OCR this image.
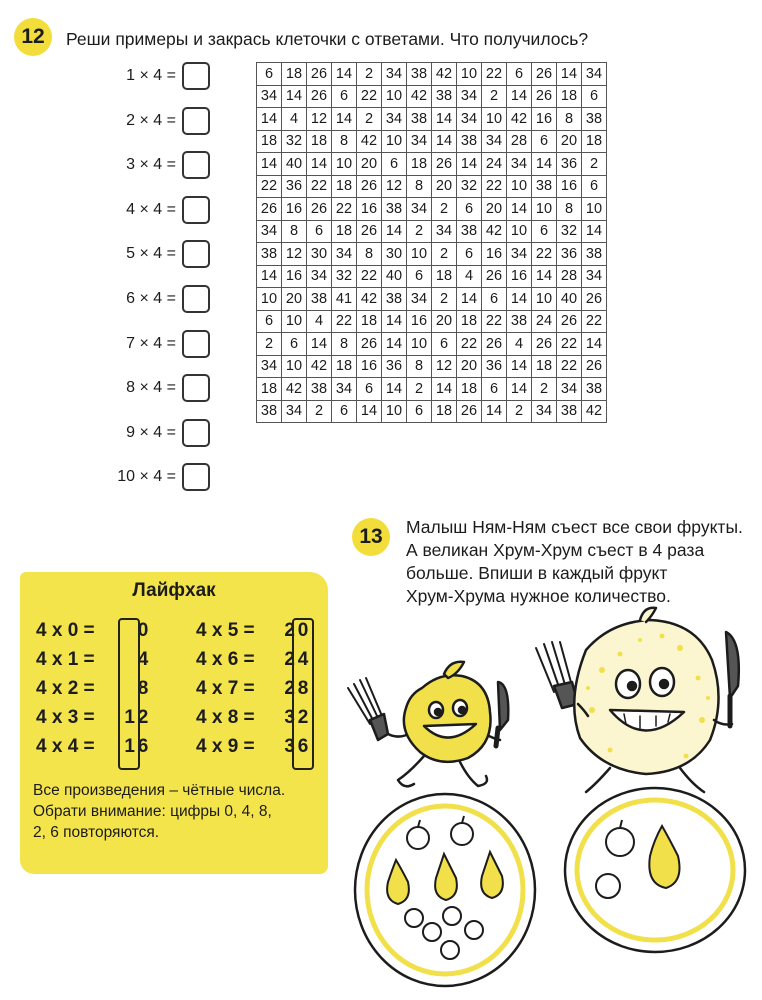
12	Реши примеры и закрась клеточки с ответами. Что получилось?
1 × 4 =
2 × 4 =
3 × 4 =
4 × 4 =
5 × 4 =
6 × 4 =
7 × 4 =
8 × 4 =
9 × 4 =
10 × 4 =
6	18	26	14	2	34	38	42	10	22	6	26	14	34
34	14	26	6	22	10	42	38	34	2	14	26	18	6
14	4	12	14	2	34	38	14	34	10	42	16	8	38
18	32	18	8	42	10	34	14	38	34	28	6	20	18
14	40	14	10	20	6	18	26	14	24	34	14	36	2
22	36	22	18	26	12	8	20	32	22	10	38	16	6
26	16	26	22	16	38	34	2	6	20	14	10	8	10
34	8	6	18	26	14	2	34	38	42	10	6	32	14
38	12	30	34	8	30	10	2	6	16	34	22	36	38
14	16	34	32	22	40	6	18	4	26	16	14	28	34
10	20	38	41	42	38	34	2	14	6	14	10	40	26
6	10	4	22	18	14	16	20	18	22	38	24	26	22
2	6	14	8	26	14	10	6	22	26	4	26	22	14
34	10	42	18	16	36	8	12	20	36	14	18	22	26
18	42	38	34	6	14	2	14	18	6	14	2	34	38
38	34	2	6	14	10	6	18	26	14	2	34	38	42
Лайфхак
4 x 0 =	0
4 x 1 =	4
4 x 2 =	8
4 x 3 =	1 2
4 x 4 =	1 6
4 x 5 =	2 0
4 x 6 =	2 4
4 x 7 =	2 8
4 x 8 =	3 2
4 x 9 =	3 6
Все произведения – чётные числа.
Обрати внимание: цифры 0, 4, 8,
2, 6 повторяются.
13	Малыш Ням-Ням съест все свои фрукты.
А великан Хрум-Хрум съест в 4 раза
больше. Впиши в каждый фрукт
Хрум-Хрума нужное количество.
